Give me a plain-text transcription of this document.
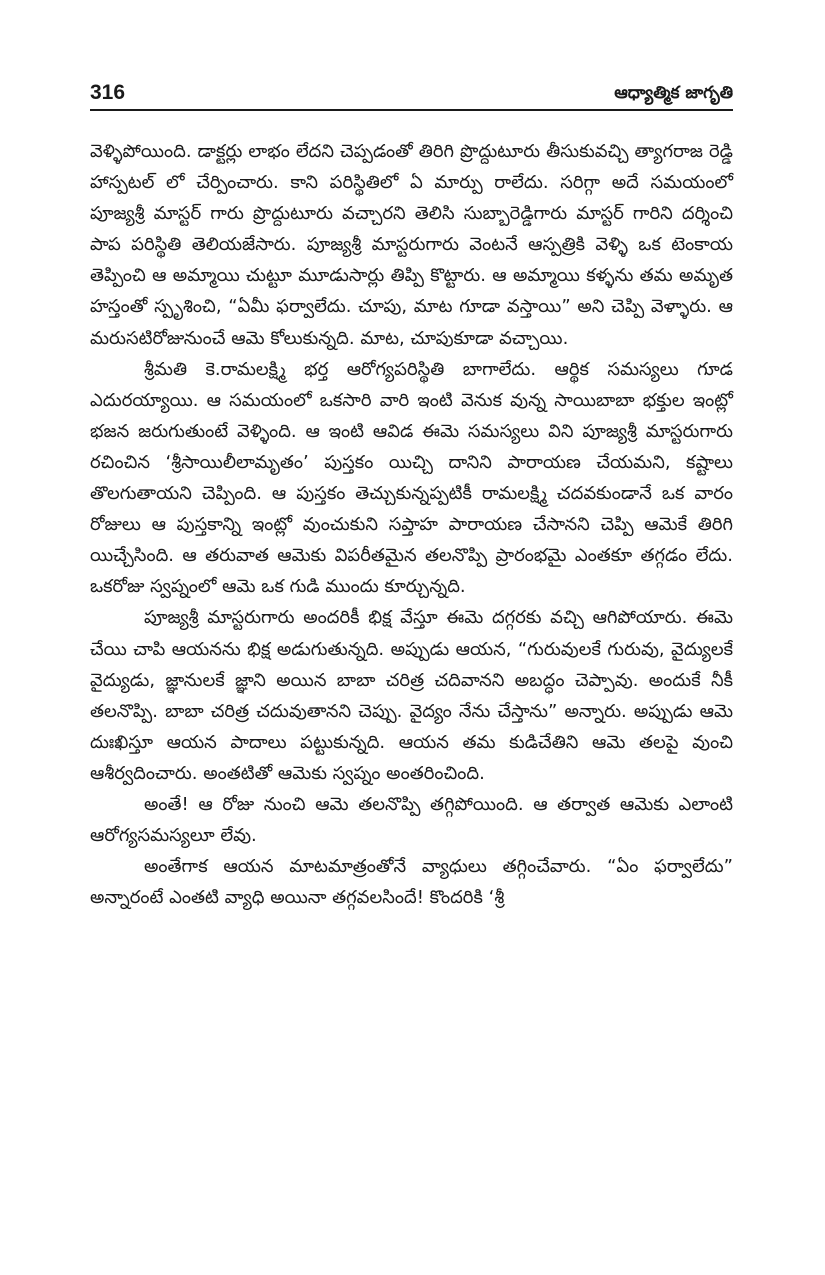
316	ఆధ్యాత్మిక జాగృతి

వెళ్ళిపోయింది. డాక్టర్లు లాభం లేదని చెప్పడంతో తిరిగి ప్రొద్దుటూరు తీసుకువచ్చి త్యాగరాజ రెడ్డి హాస్పటల్ లో చేర్పించారు. కాని పరిస్థితిలో ఏ మార్పు రాలేదు. సరిగ్గా అదే సమయంలో పూజ్యశ్రీ మాస్టర్ గారు ప్రొద్దుటూరు వచ్చారని తెలిసి సుబ్బారెడ్డిగారు మాస్టర్ గారిని దర్శించి పాప పరిస్థితి తెలియజేసారు. పూజ్యశ్రీ మాస్టరుగారు వెంటనే ఆస్పత్రికి వెళ్ళి ఒక టెంకాయ తెప్పించి ఆ అమ్మాయి చుట్టూ మూడుసార్లు తిప్పి కొట్టారు. ఆ అమ్మాయి కళ్ళను తమ అమృత హస్తంతో స్పృశించి, “ఏమీ ఫర్వాలేదు. చూపు, మాట గూడా వస్తాయి” అని చెప్పి వెళ్ళారు. ఆ మరుసటిరోజునుంచే ఆమె కోలుకున్నది. మాట, చూపుకూడా వచ్చాయి.

శ్రీమతి కె.రామలక్ష్మి భర్త ఆరోగ్యపరిస్థితి బాగాలేదు. ఆర్థిక సమస్యలు గూడ ఎదురయ్యాయి. ఆ సమయంలో ఒకసారి వారి ఇంటి వెనుక వున్న సాయిబాబా భక్తుల ఇంట్లో భజన జరుగుతుంటే వెళ్ళింది. ఆ ఇంటి ఆవిడ ఈమె సమస్యలు విని పూజ్యశ్రీ మాస్టరుగారు రచించిన ‘శ్రీసాయిలీలామృతం’ పుస్తకం యిచ్చి దానిని పారాయణ చేయమని, కష్టాలు తొలగుతాయని చెప్పింది. ఆ పుస్తకం తెచ్చుకున్నప్పటికీ రామలక్ష్మి చదవకుండానే ఒక వారం రోజులు ఆ పుస్తకాన్ని ఇంట్లో వుంచుకుని సప్తాహ పారాయణ చేసానని చెప్పి ఆమెకే తిరిగి యిచ్చేసింది. ఆ తరువాత ఆమెకు విపరీతమైన తలనొప్పి ప్రారంభమై ఎంతకూ తగ్గడం లేదు. ఒకరోజు స్వప్నంలో ఆమె ఒక గుడి ముందు కూర్చున్నది.

పూజ్యశ్రీ మాస్టరుగారు అందరికీ భిక్ష వేస్తూ ఈమె దగ్గరకు వచ్చి ఆగిపోయారు. ఈమె చేయి చాపి ఆయనను భిక్ష అడుగుతున్నది. అప్పుడు ఆయన, “గురువులకే గురువు, వైద్యులకే వైద్యుడు, జ్ఞానులకే జ్ఞాని అయిన బాబా చరిత్ర చదివానని అబద్ధం చెప్పావు. అందుకే నీకీ తలనొప్పి. బాబా చరిత్ర చదువుతానని చెప్పు. వైద్యం నేను చేస్తాను” అన్నారు. అప్పుడు ఆమె దుఃఖిస్తూ ఆయన పాదాలు పట్టుకున్నది. ఆయన తమ కుడిచేతిని ఆమె తలపై వుంచి ఆశీర్వదించారు. అంతటితో ఆమెకు స్వప్నం అంతరించింది.

అంతే! ఆ రోజు నుంచి ఆమె తలనొప్పి తగ్గిపోయింది. ఆ తర్వాత ఆమెకు ఎలాంటి ఆరోగ్యసమస్యలూ లేవు.

అంతేగాక ఆయన మాటమాత్రంతోనే వ్యాధులు తగ్గించేవారు. “ఏం ఫర్వాలేదు” అన్నారంటే ఎంతటి వ్యాధి అయినా తగ్గవలసిందే! కొందరికి ‘శ్రీ
